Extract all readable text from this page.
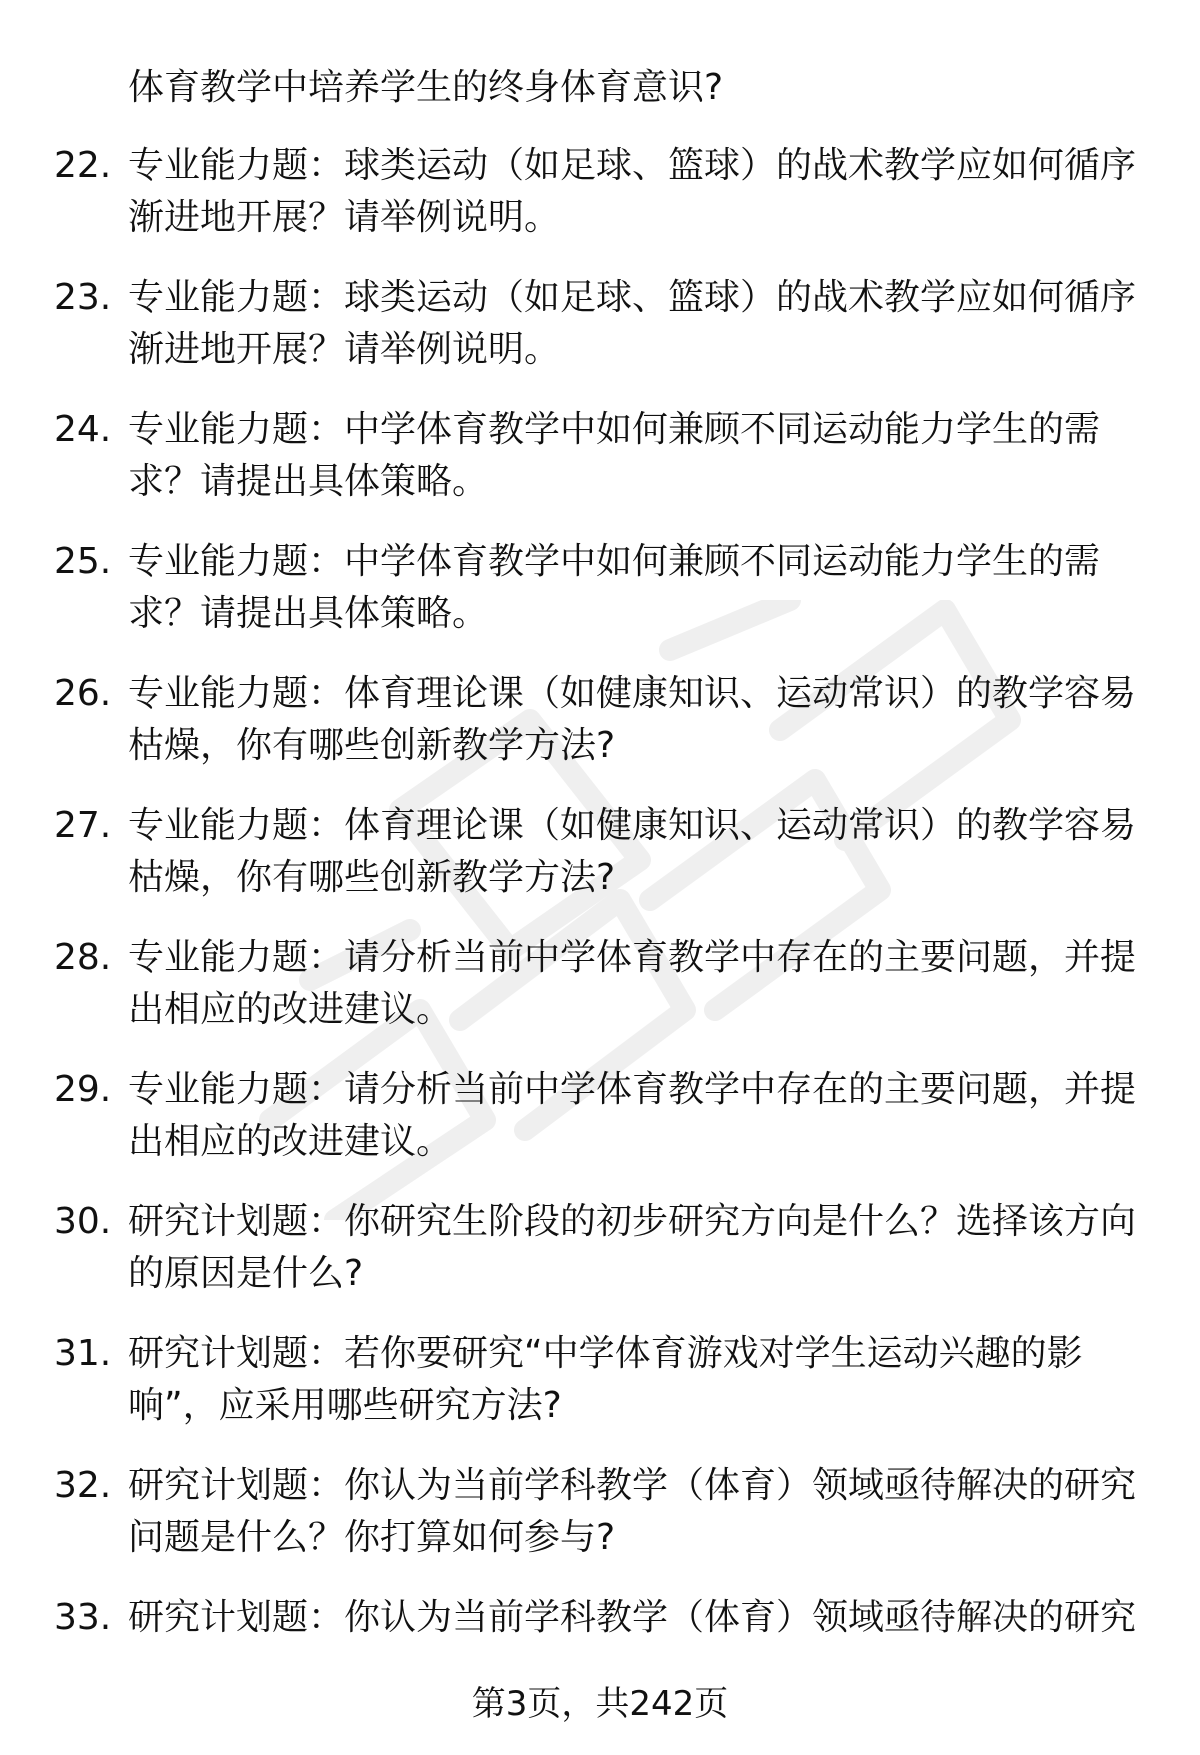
体育教学中培养学生的终身体育意识?
22. 专业能力题：球类运动（如足球、篮球）的战术教学应如何循序渐进地开展？请举例说明。
23. 专业能力题：球类运动（如足球、篮球）的战术教学应如何循序渐进地开展？请举例说明。
24. 专业能力题：中学体育教学中如何兼顾不同运动能力学生的需求？请提出具体策略。
25. 专业能力题：中学体育教学中如何兼顾不同运动能力学生的需求？请提出具体策略。
26. 专业能力题：体育理论课（如健康知识、运动常识）的教学容易枯燥，你有哪些创新教学方法?
27. 专业能力题：体育理论课（如健康知识、运动常识）的教学容易枯燥，你有哪些创新教学方法?
28. 专业能力题：请分析当前中学体育教学中存在的主要问题，并提出相应的改进建议。
29. 专业能力题：请分析当前中学体育教学中存在的主要问题，并提出相应的改进建议。
30. 研究计划题：你研究生阶段的初步研究方向是什么？选择该方向的原因是什么?
31. 研究计划题：若你要研究“中学体育游戏对学生运动兴趣的影响”，应采用哪些研究方法?
32. 研究计划题：你认为当前学科教学（体育）领域亟待解决的研究问题是什么？你打算如何参与?
33. 研究计划题：你认为当前学科教学（体育）领域亟待解决的研究
第3页，共242页
